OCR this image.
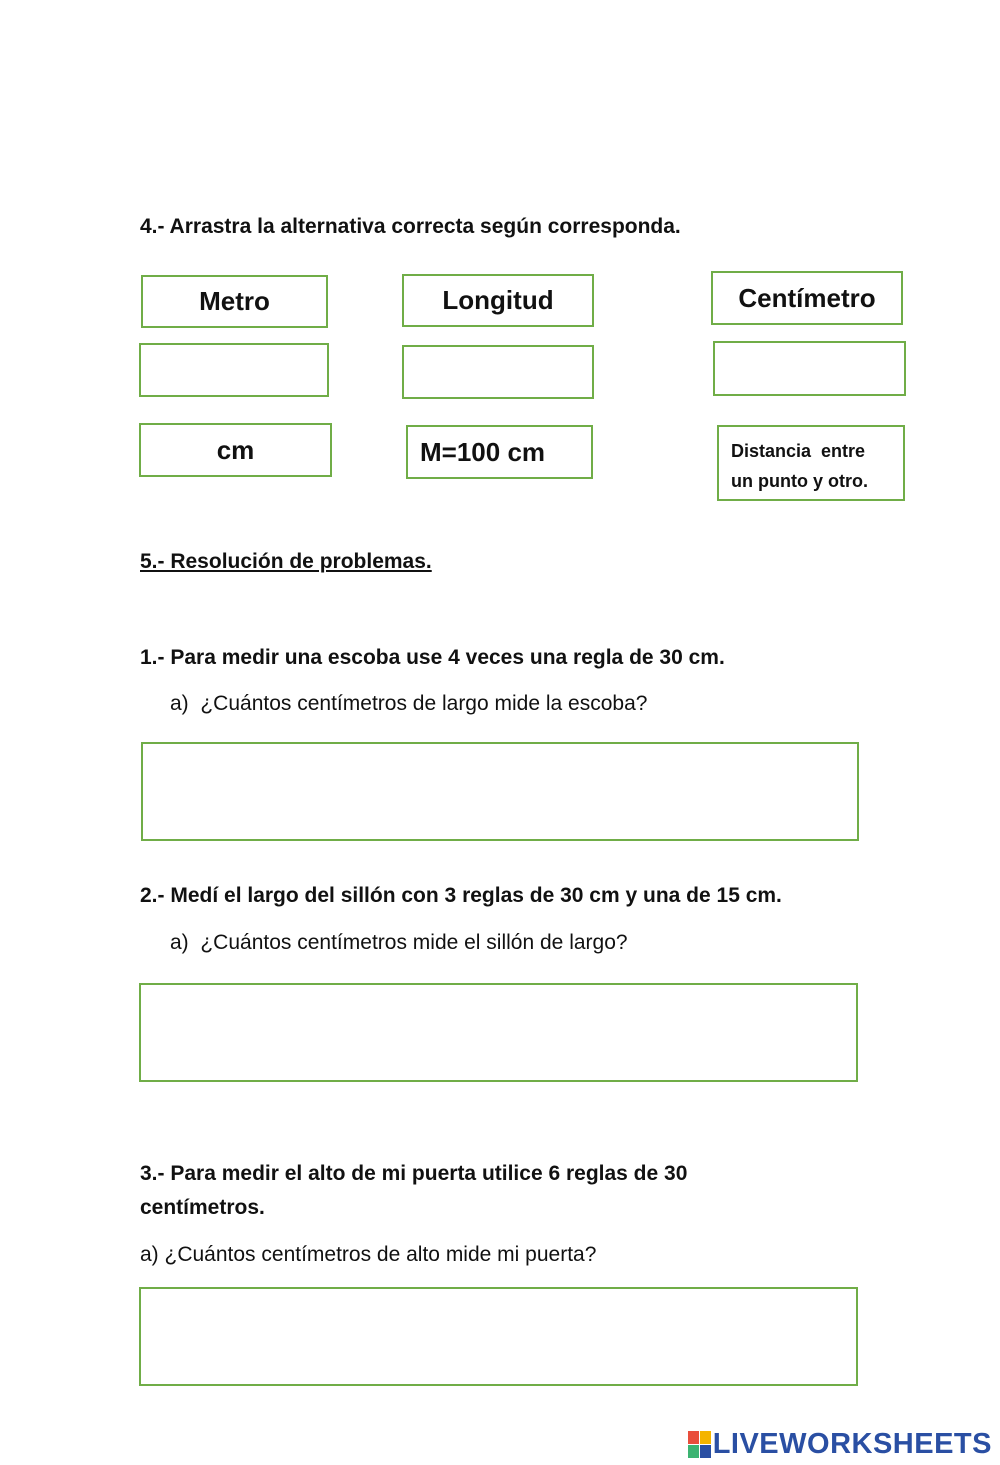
4.- Arrastra la alternativa correcta según corresponda.
Metro	Longitud	Centímetro
cm	M=100 cm	Distancia  entre
un punto y otro.
5.- Resolución de problemas.
1.- Para medir una escoba use 4 veces una regla de 30 cm.
a) ¿Cuántos centímetros de largo mide la escoba?
2.- Medí el largo del sillón con 3 reglas de 30 cm y una de 15 cm.
a) ¿Cuántos centímetros mide el sillón de largo?
3.- Para medir el alto de mi puerta utilice 6 reglas de 30
centímetros.
a) ¿Cuántos centímetros de alto mide mi puerta?
LIVEWORKSHEETS
